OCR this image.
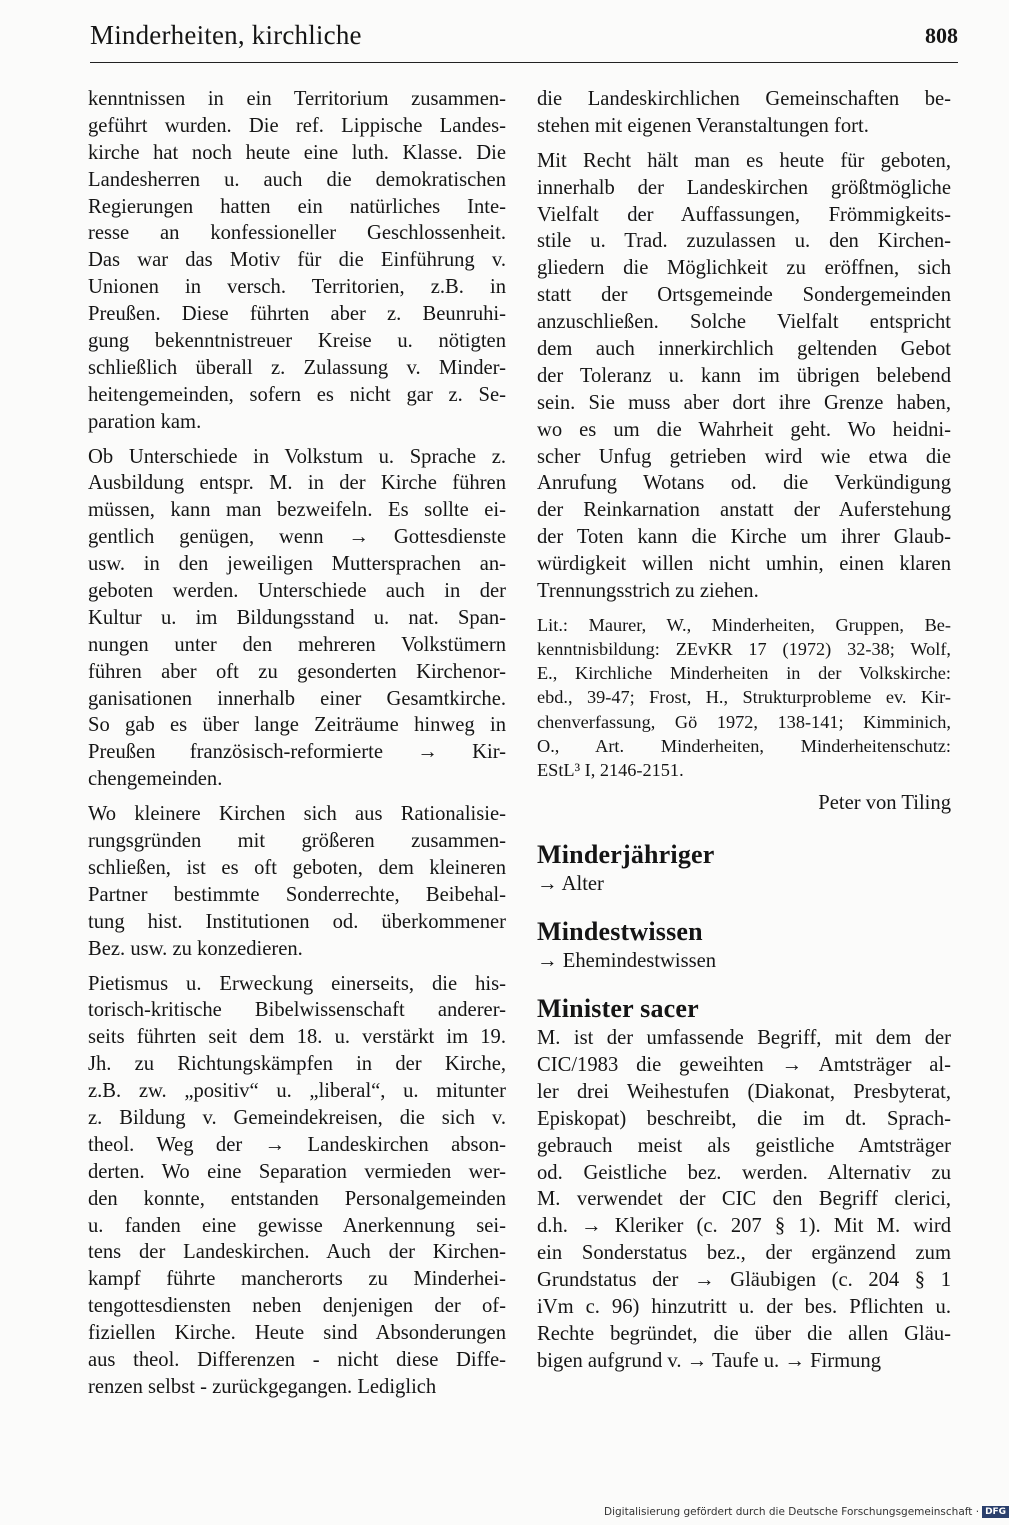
Minderheiten, kirchliche	808
kenntnissen in ein Territorium zusammen-
geführt wurden. Die ref. Lippische Landes-
kirche hat noch heute eine luth. Klasse. Die
Landesherren u. auch die demokratischen
Regierungen hatten ein natürliches Inte-
resse an konfessioneller Geschlossenheit.
Das war das Motiv für die Einführung v.
Unionen in versch. Territorien, z.B. in
Preußen. Diese führten aber z. Beunruhi-
gung bekenntnistreuer Kreise u. nötigten
schließlich überall z. Zulassung v. Minder-
heitengemeinden, sofern es nicht gar z. Se-
paration kam.
Ob Unterschiede in Volkstum u. Sprache z.
Ausbildung entspr. M. in der Kirche führen
müssen, kann man bezweifeln. Es sollte ei-
gentlich genügen, wenn → Gottesdienste
usw. in den jeweiligen Muttersprachen an-
geboten werden. Unterschiede auch in der
Kultur u. im Bildungsstand u. nat. Span-
nungen unter den mehreren Volkstümern
führen aber oft zu gesonderten Kirchenor-
ganisationen innerhalb einer Gesamtkirche.
So gab es über lange Zeiträume hinweg in
Preußen französisch-reformierte → Kir-
chengemeinden.
Wo kleinere Kirchen sich aus Rationalisie-
rungsgründen mit größeren zusammen-
schließen, ist es oft geboten, dem kleineren
Partner bestimmte Sonderrechte, Beibehal-
tung hist. Institutionen od. überkommener
Bez. usw. zu konzedieren.
Pietismus u. Erweckung einerseits, die his-
torisch-kritische Bibelwissenschaft anderer-
seits führten seit dem 18. u. verstärkt im 19.
Jh. zu Richtungskämpfen in der Kirche,
z.B. zw. „positiv“ u. „liberal“, u. mitunter
z. Bildung v. Gemeindekreisen, die sich v.
theol. Weg der → Landeskirchen abson-
derten. Wo eine Separation vermieden wer-
den konnte, entstanden Personalgemeinden
u. fanden eine gewisse Anerkennung sei-
tens der Landeskirchen. Auch der Kirchen-
kampf führte mancherorts zu Minderhei-
tengottesdiensten neben denjenigen der of-
fiziellen Kirche. Heute sind Absonderungen
aus theol. Differenzen - nicht diese Diffe-
renzen selbst - zurückgegangen. Lediglich
die Landeskirchlichen Gemeinschaften be-
stehen mit eigenen Veranstaltungen fort.
Mit Recht hält man es heute für geboten,
innerhalb der Landeskirchen größtmögliche
Vielfalt der Auffassungen, Frömmigkeits-
stile u. Trad. zuzulassen u. den Kirchen-
gliedern die Möglichkeit zu eröffnen, sich
statt der Ortsgemeinde Sondergemeinden
anzuschließen. Solche Vielfalt entspricht
dem auch innerkirchlich geltenden Gebot
der Toleranz u. kann im übrigen belebend
sein. Sie muss aber dort ihre Grenze haben,
wo es um die Wahrheit geht. Wo heidni-
scher Unfug getrieben wird wie etwa die
Anrufung Wotans od. die Verkündigung
der Reinkarnation anstatt der Auferstehung
der Toten kann die Kirche um ihrer Glaub-
würdigkeit willen nicht umhin, einen klaren
Trennungsstrich zu ziehen.
Lit.: Maurer, W., Minderheiten, Gruppen, Be-
kenntnisbildung: ZEvKR 17 (1972) 32-38; Wolf,
E., Kirchliche Minderheiten in der Volkskirche:
ebd., 39-47; Frost, H., Strukturprobleme ev. Kir-
chenverfassung, Gö 1972, 138-141; Kimminich,
O., Art. Minderheiten, Minderheitenschutz:
EStL³ I, 2146-2151.
Peter von Tiling
Minderjähriger
→ Alter
Mindestwissen
→ Ehemindestwissen
Minister sacer
M. ist der umfassende Begriff, mit dem der
CIC/1983 die geweihten → Amtsträger al-
ler drei Weihestufen (Diakonat, Presbyterat,
Episkopat) beschreibt, die im dt. Sprach-
gebrauch meist als geistliche Amtsträger
od. Geistliche bez. werden. Alternativ zu
M. verwendet der CIC den Begriff clerici,
d.h. → Kleriker (c. 207 § 1). Mit M. wird
ein Sonderstatus bez., der ergänzend zum
Grundstatus der → Gläubigen (c. 204 § 1
iVm c. 96) hinzutritt u. der bes. Pflichten u.
Rechte begründet, die über die allen Gläu-
bigen aufgrund v. → Taufe u. → Firmung
Digitalisierung gefördert durch die Deutsche Forschungsgemeinschaft · DFG
